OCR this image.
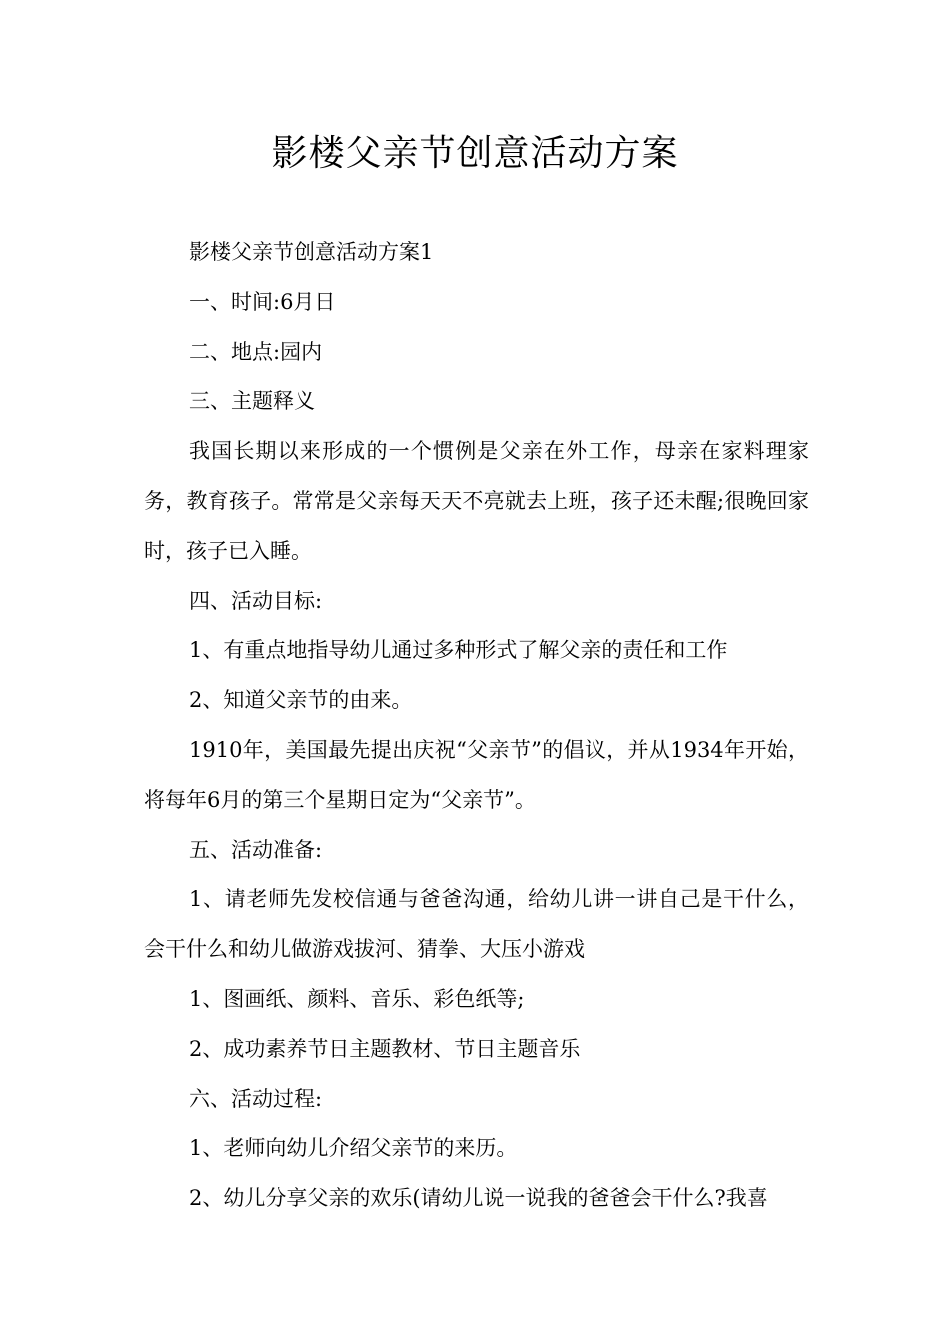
影楼父亲节创意活动方案

影楼父亲节创意活动方案1

一、时间:6月日

二、地点:园内

三、主题释义

我国长期以来形成的一个惯例是父亲在外工作，母亲在家料理家务，教育孩子。常常是父亲每天天不亮就去上班，孩子还未醒;很晚回家时，孩子已入睡。

四、活动目标:

1、有重点地指导幼儿通过多种形式了解父亲的责任和工作

2、知道父亲节的由来。

1910年，美国最先提出庆祝“父亲节”的倡议，并从1934年开始，将每年6月的第三个星期日定为“父亲节”。

五、活动准备:

1、请老师先发校信通与爸爸沟通，给幼儿讲一讲自己是干什么，会干什么和幼儿做游戏拔河、猜拳、大压小游戏

1、图画纸、颜料、音乐、彩色纸等;

2、成功素养节日主题教材、节日主题音乐

六、活动过程:

1、老师向幼儿介绍父亲节的来历。

2、幼儿分享父亲的欢乐(请幼儿说一说我的爸爸会干什么?我喜
